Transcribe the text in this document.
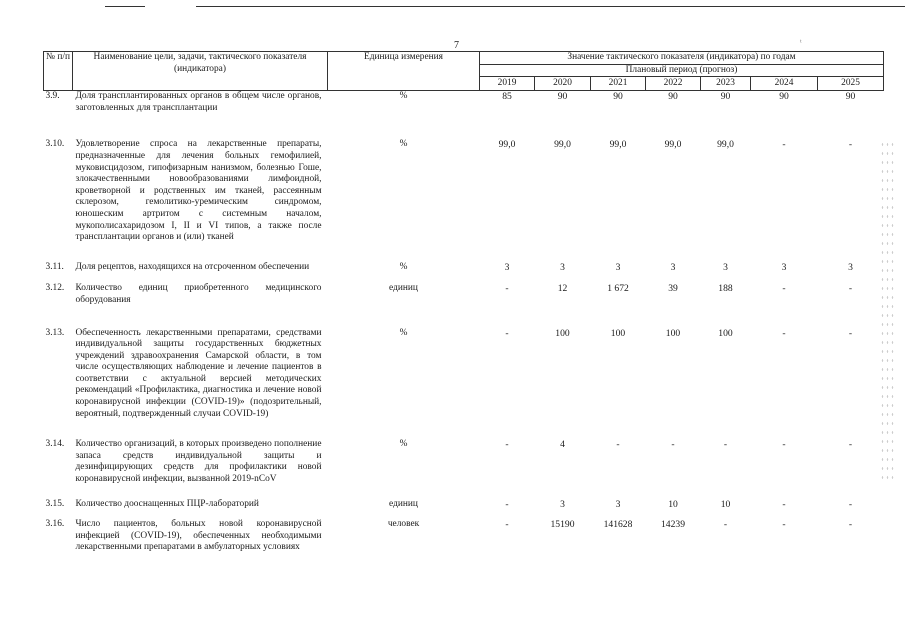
7	ᵗ
№ п/п	Наименование цели, задачи, тактического показателя (индикатора)	Единица измерения	Значение тактического показателя (индикатора) по годам						
			Плановый период (прогноз)						
			2019	2020	2021	2022	2023	2024	2025
3.9.	Доля трансплантированных органов в общем числе органов, заготовленных для трансплантации	%	85	90	90	90	90	90	90
3.10.	Удовлетворение спроса на лекарственные препараты, предназначенные для лечения больных гемофилией, муковисцидозом, гипофизарным нанизмом, болезнью Гоше, злокачественными новообразованиями лимфоидной, кроветворной и родственных им тканей, рассеянным склерозом, гемолитико-уремическим синдромом, юношеским артритом с системным началом, мукополисахаридозом I, II и VI типов, а также после трансплантации органов и (или) тканей	%	99,0	99,0	99,0	99,0	99,0	-	-
3.11.	Доля рецептов, находящихся на отсроченном обеспечении	%	3	3	3	3	3	3	3
3.12.	Количество единиц приобретенного медицинского оборудования	единиц	-	12	1 672	39	188	-	-
3.13.	Обеспеченность лекарственными препаратами, средствами индивидуальной защиты государственных бюджетных учреждений здравоохранения Самарской области, в том числе осуществляющих наблюдение и лечение пациентов в соответствии с актуальной версией методических рекомендаций «Профилактика, диагностика и лечение новой коронавирусной инфекции (COVID-19)» (подозрительный, вероятный, подтвержденный случаи COVID-19)	%	-	100	100	100	100	-	-
3.14.	Количество организаций, в которых произведено пополнение запаса средств индивидуальной защиты и дезинфицирующих средств для профилактики новой коронавирусной инфекции, вызванной 2019-nCoV	%	-	4	-	-	-	-	-
3.15.	Количество дооснащенных ПЦР-лабораторий	единиц	-	3	3	10	10	-	-
3.16.	Число пациентов, больных новой коронавирусной инфекцией (COVID-19), обеспеченных необходимыми лекарственными препаратами в амбулаторных условиях	человек	-	15190	141628	14239	-	-	-
